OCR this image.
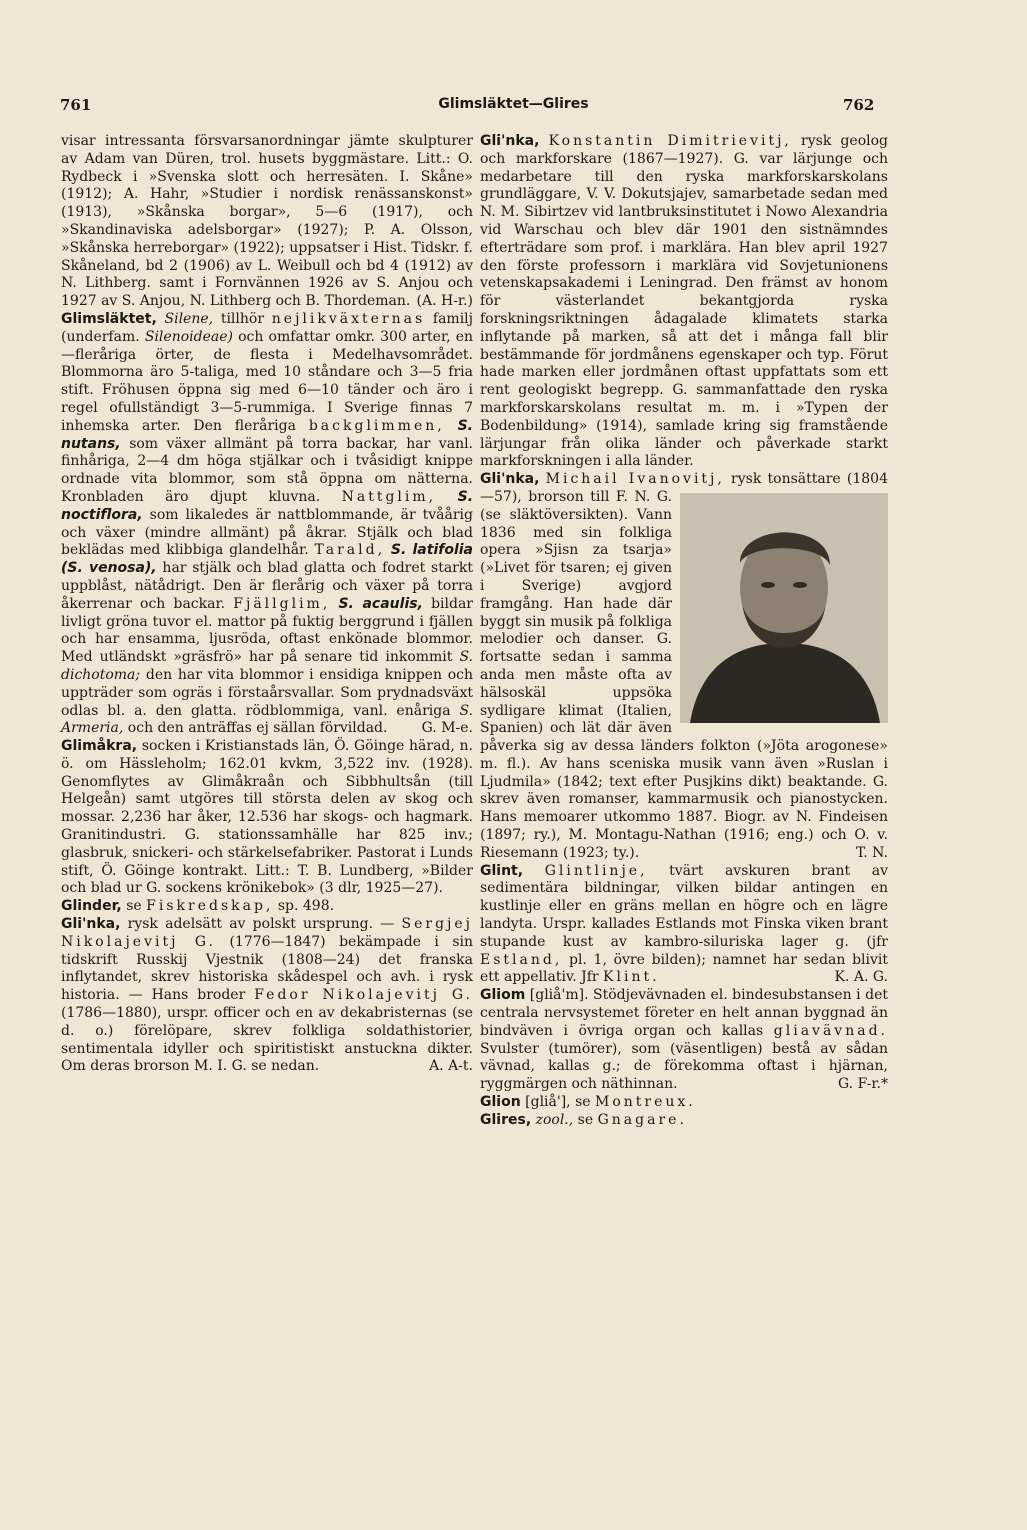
761	Glimsläktet—Glires	762

visar intressanta försvarsanordningar jämte skulpturer av Adam van Düren, trol. husets byggmästare. Litt.: O. Rydbeck i »Svenska slott och herresäten. I. Skåne» (1912); A. Hahr, »Studier i nordisk renässanskonst» (1913), »Skånska borgar», 5—6 (1917), och »Skandinaviska adelsborgar» (1927); P. A. Olsson, »Skånska herreborgar» (1922); uppsatser i Hist. Tidskr. f. Skåneland, bd 2 (1906) av L. Weibull och bd 4 (1912) av N. Lithberg. samt i Fornvännen 1926 av S. Anjou och 1927 av S. Anjou, N. Lithberg och B. Thordeman. (A. H-r.)

Glimsläktet, Silene, tillhör nejlikväxternas familj (underfam. Silenoideae) och omfattar omkr. 300 arter, en—fleråriga örter, de flesta i Medelhavsområdet. Blommorna äro 5-taliga, med 10 ståndare och 3—5 fria stift. Fröhusen öppna sig med 6—10 tänder och äro i regel ofullständigt 3—5-rummiga. I Sverige finnas 7 inhemska arter. Den fleråriga backglimmen, S. nutans, som växer allmänt på torra backar, har vanl. finhåriga, 2—4 dm höga stjälkar och i tvåsidigt knippe ordnade vita blommor, som stå öppna om nätterna. Kronbladen äro djupt kluvna. Nattglim, S. noctiflora, som likaledes är nattblommande, är tvåårig och växer (mindre allmänt) på åkrar. Stjälk och blad beklädas med klibbiga glandelhår. Tarald, S. latifolia (S. venosa), har stjälk och blad glatta och fodret starkt uppblåst, nätådrigt. Den är flerårig och växer på torra åkerrenar och backar. Fjällglim, S. acaulis, bildar livligt gröna tuvor el. mattor på fuktig berggrund i fjällen och har ensamma, ljusröda, oftast enkönade blommor. Med utländskt »gräsfrö» har på senare tid inkommit S. dichotoma; den har vita blommor i ensidiga knippen och uppträder som ogräs i förstaårsvallar. Som prydnadsväxt odlas bl. a. den glatta. rödblommiga, vanl. enåriga S. Armeria, och den anträffas ej sällan förvildad. G. M-e.

Glimåkra, socken i Kristianstads län, Ö. Göinge härad, n. ö. om Hässleholm; 162.01 kvkm, 3,522 inv. (1928). Genomflytes av Glimåkraån och Sibbhultsån (till Helgeån) samt utgöres till största delen av skog och mossar. 2,236 har åker, 12.536 har skogs- och hagmark. Granitindustri. G. stationssamhälle har 825 inv.; glasbruk, snickeri- och stärkelsefabriker. Pastorat i Lunds stift, Ö. Göinge kontrakt. Litt.: T. B. Lundberg, »Bilder och blad ur G. sockens krönikebok» (3 dlr, 1925—27).

Glinder, se Fiskredskap, sp. 498.

Gli'nka, rysk adelsätt av polskt ursprung. — Sergjej Nikolajevitj G. (1776—1847) bekämpade i sin tidskrift Russkij Vjestnik (1808—24) det franska inflytandet, skrev historiska skådespel och avh. i rysk historia. — Hans broder Fedor Nikolajevitj G. (1786—1880), urspr. officer och en av dekabristernas (se d. o.) förelöpare, skrev folkliga soldathistorier, sentimentala idyller och spiritistiskt anstuckna dikter. Om deras brorson M. I. G. se nedan.	A. A-t.

Gli'nka, Konstantin Dimitrievitj, rysk geolog och markforskare (1867—1927). G. var lärjunge och medarbetare till den ryska markforskarskolans grundläggare, V. V. Dokutsjajev, samarbetade sedan med N. M. Sibirtzev vid lantbruksinstitutet i Nowo Alexandria vid Warschau och blev där 1901 den sistnämndes efterträdare som prof. i marklära. Han blev april 1927 den förste professorn i marklära vid Sovjetunionens vetenskapsakademi i Leningrad. Den främst av honom för västerlandet bekantgjorda ryska forskningsriktningen ådagalade klimatets starka inflytande på marken, så att det i många fall blir bestämmande för jordmånens egenskaper och typ. Förut hade marken eller jordmånen oftast uppfattats som ett rent geologiskt begrepp. G. sammanfattade den ryska markforskarskolans resultat m. m. i »Typen der Bodenbildung» (1914), samlade kring sig framstående lärjungar från olika länder och påverkade starkt markforskningen i alla länder.

Gli'nka, Michail Ivanovitj, rysk tonsättare (1804—57), brorson till F. N. G. (se släktöversikten). Vann 1836 med sin folkliga opera »Sjisn za tsarja» (»Livet för tsaren; ej given i Sverige) avgjord framgång. Han hade där byggt sin musik på folkliga melodier och danser. G. fortsatte sedan i samma anda men måste ofta av hälsoskäl uppsöka sydligare klimat (Italien, Spanien) och lät där även påverka sig av dessa länders folkton (»Jöta arogonese» m. fl.). Av hans sceniska musik vann även »Ruslan i Ljudmila» (1842; text efter Pusjkins dikt) beaktande. G. skrev även romanser, kammarmusik och pianostycken. Hans memoarer utkommo 1887. Biogr. av N. Findeisen (1897; ry.), M. Montagu-Nathan (1916; eng.) och O. v. Riesemann (1923; ty.).	T. N.

Glint, Glintlinje, tvärt avskuren brant av sedimentära bildningar, vilken bildar antingen en kustlinje eller en gräns mellan en högre och en lägre landyta. Urspr. kallades Estlands mot Finska viken brant stupande kust av kambro-siluriska lager g. (jfr Estland, pl. 1, övre bilden); namnet har sedan blivit ett appellativ. Jfr Klint.	K. A. G.

Gliom [gliå'm]. Stödjevävnaden el. bindesubstansen i det centrala nervsystemet företer en helt annan byggnad än bindväven i övriga organ och kallas gliavävnad. Svulster (tumörer), som (väsentligen) bestå av sådan vävnad, kallas g.; de förekomma oftast i hjärnan, ryggmärgen och näthinnan.	G. F-r.*

Glion [gliå'], se Montreux.

Glires, zool., se Gnagare.
